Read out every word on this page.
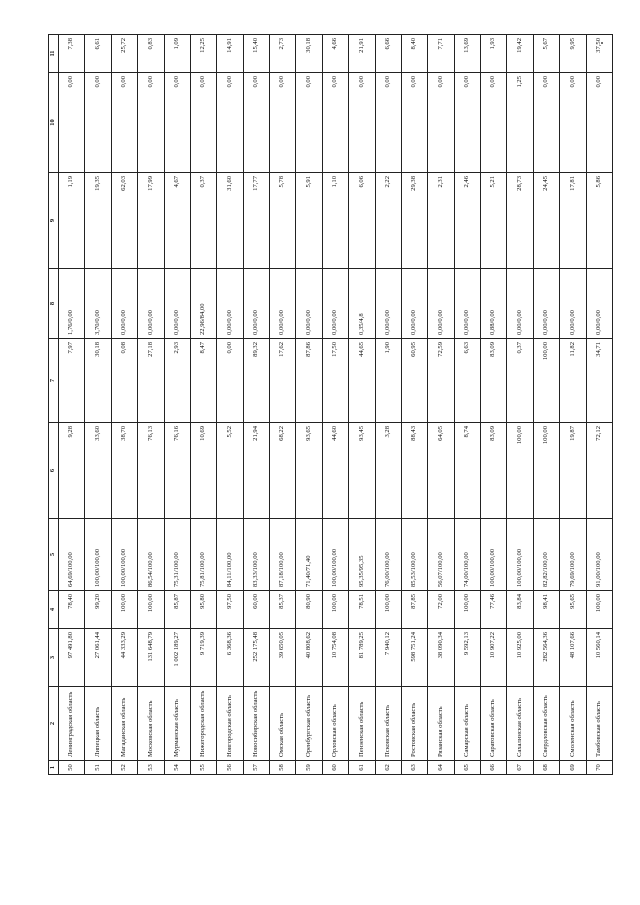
1	2	3	4	5	6	7	8	9	10	11
50	Ленинградская область	97 491,80	78,40	64,69/100,00	9,28	7,97	1,76/0,00	1,19	0,00	7,38
51	Липецкая область	27 061,44	99,20	100,00/100,00	33,60	30,18	3,70/0,00	19,35	0,00	6,61
52	Магаданская область	44 333,29	100,00	100,00/100,00	38,70	0,08	0,00/0,00	62,03	0,00	25,72
53	Московская область	131 648,79	100,00	86,54/100,00	76,13	27,18	0,00/0,00	17,99	0,00	0,83
54	Мурманская область	1 002 189,27	85,87	75,31/100,00	76,16	2,93	0,00/0,00	4,67	0,00	1,09
55	Нижегородская область	9 719,39	95,80	75,81/100,00	10,69	8,47	22,96/84,00	0,37	0,00	12,25
56	Новгородская область	6 368,36	97,50	84,11/100,00	5,52	0,00	0,00/0,00	31,60	0,00	14,91
57	Новосибирская область	252 175,48	60,00	83,33/100,00	21,94	89,32	0,00/0,00	17,77	0,00	15,40
58	Омская область	39 650,05	85,37	87,18/100,00	68,22	17,62	0,00/0,00	5,78	0,00	2,73
59	Оренбургская область	40 808,62	80,90	71,40/71,40	93,65	87,86	0,00/0,00	5,91	0,00	30,18
60	Орловская область	10 754,08	100,00	100,00/100,00	44,60	17,50	0,00/0,00	1,10	0,00	4,66
61	Пензенская область	81 789,25	78,51	95,35/95,35	93,45	44,65	0,35/4,8	6,06	0,00	21,91
62	Псковская область	7 940,12	100,00	76,00/100,00	3,28	1,90	0,00/0,00	2,22	0,00	6,66
63	Ростовская область	598 751,24	87,85	85,53/100,00	88,43	60,95	0,00/0,00	29,38	0,00	8,40
64	Рязанская область	38 090,34	72,00	56,07/100,00	64,05	72,59	0,00/0,00	2,31	0,00	7,71
65	Самарская область	9 592,13	100,00	74,00/100,00	8,74	6,63	0,00/0,00	2,46	0,00	13,69
66	Саратовская область	10 907,22	77,46	100,00/100,00	83,09	83,09	0,88/0,00	5,21	0,00	1,93
67	Сахалинская область	10 925,00	83,84	100,00/100,00	100,00	0,37	0,00/0,00	28,73	1,25	19,42
68	Свердловская область	282 564,36	98,41	82,82/100,00	100,00	100,00	0,00/0,00	24,45	0,00	5,67
69	Смоленская область	48 107,66	95,65	79,69/100,00	19,87	11,82	0,00/0,00	17,81	0,00	9,95
70	Тамбовская область	10 560,14	100,00	91,00/100,00	72,12	34,71	0,00/0,00	5,86	0,00	37,50
